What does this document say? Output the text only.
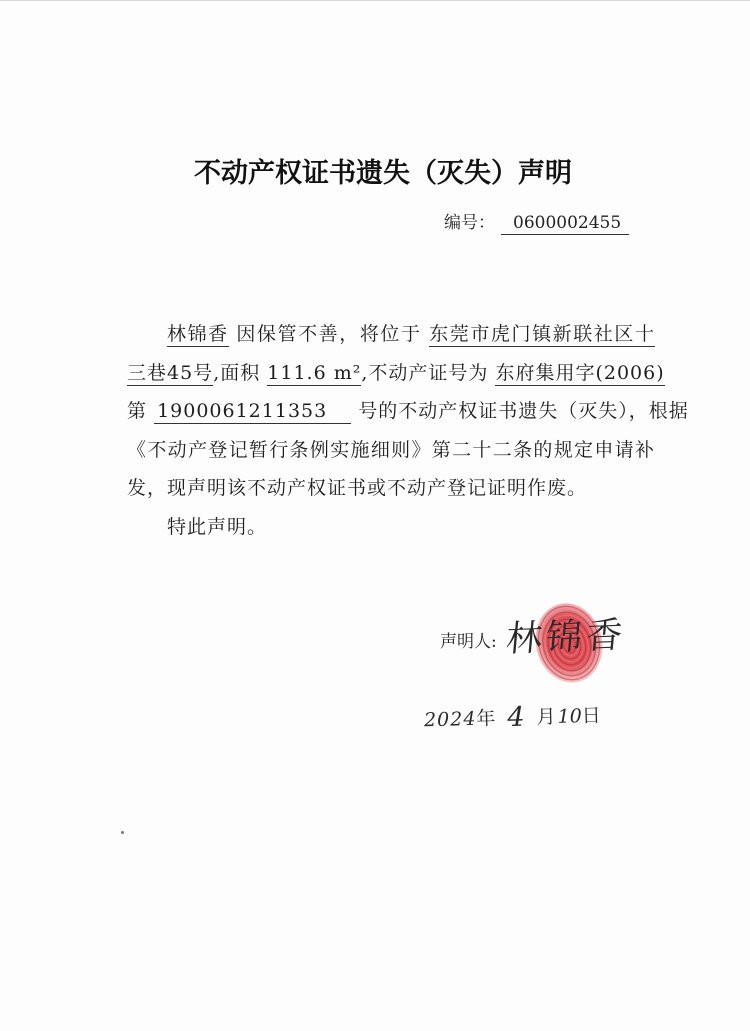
不动产权证书遗失（灭失）声明
编号： 0600002455
林锦香 因保管不善，将位于 东莞市虎门镇新联社区十
三巷45号,面积 111.6 m²,不动产证号为 东府集用字(2006)
第 1900061211353 号的不动产权证书遗失（灭失），根据
《不动产登记暂行条例实施细则》第二十二条的规定申请补
发，现声明该不动产权证书或不动产登记证明作废。
特此声明。
声明人: 林锦香
2024年 4 月10日
